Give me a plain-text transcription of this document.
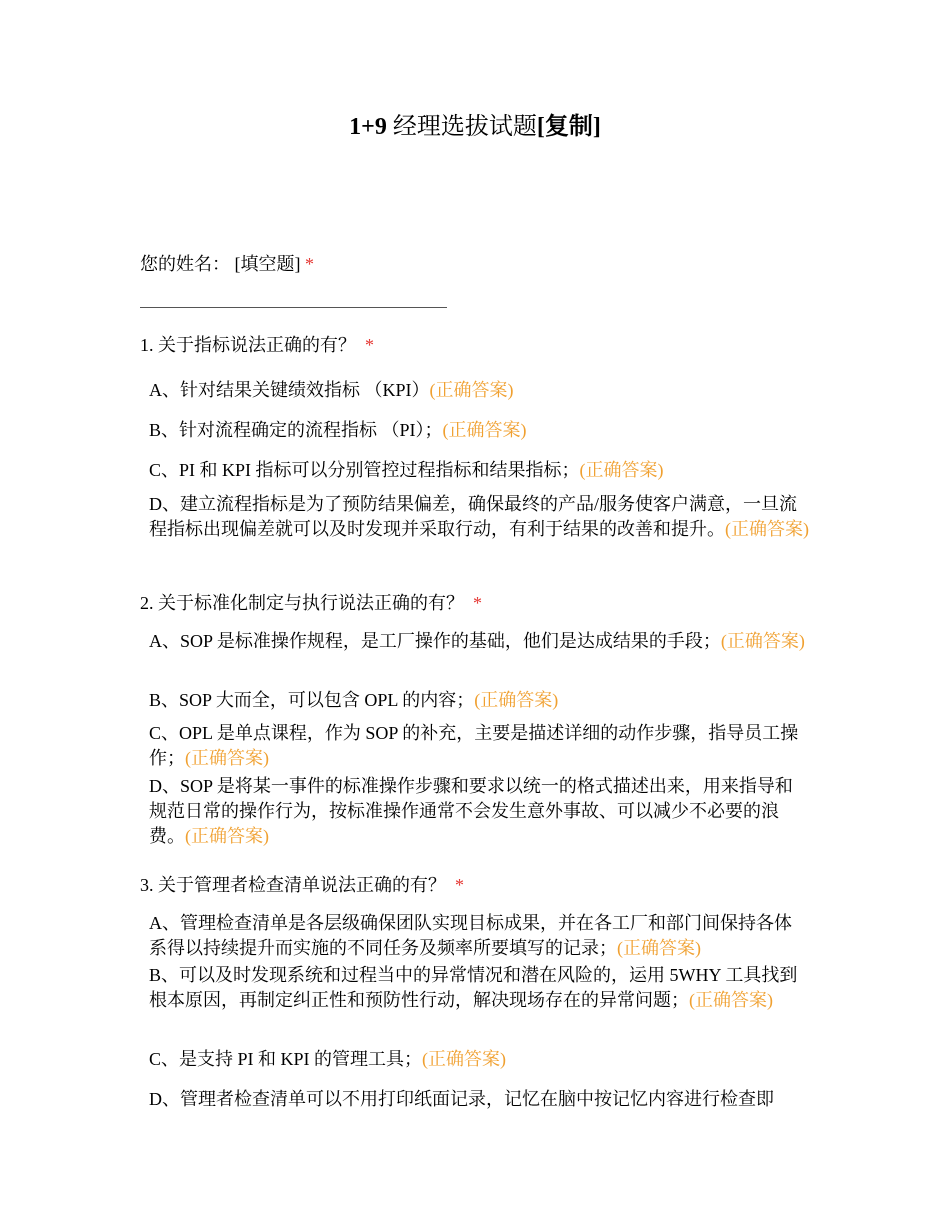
1+9 经理选拔试题[复制]
您的姓名： [填空题] *
1. 关于指标说法正确的有？ *
A、针对结果关键绩效指标 （KPI）(正确答案)
B、针对流程确定的流程指标 （PI）；(正确答案)
C、PI 和 KPI 指标可以分别管控过程指标和结果指标；(正确答案)
D、建立流程指标是为了预防结果偏差，确保最终的产品/服务使客户满意，一旦流程指标出现偏差就可以及时发现并采取行动，有利于结果的改善和提升。(正确答案)
2. 关于标准化制定与执行说法正确的有？ *
A、SOP 是标准操作规程，是工厂操作的基础，他们是达成结果的手段；(正确答案)
B、SOP 大而全，可以包含 OPL 的内容；(正确答案)
C、OPL 是单点课程，作为 SOP 的补充，主要是描述详细的动作步骤，指导员工操作；(正确答案)
D、SOP 是将某一事件的标准操作步骤和要求以统一的格式描述出来，用来指导和规范日常的操作行为，按标准操作通常不会发生意外事故、可以减少不必要的浪费。(正确答案)
3. 关于管理者检查清单说法正确的有？ *
A、管理检查清单是各层级确保团队实现目标成果，并在各工厂和部门间保持各体系得以持续提升而实施的不同任务及频率所要填写的记录；(正确答案)
B、可以及时发现系统和过程当中的异常情况和潜在风险的，运用 5WHY 工具找到根本原因，再制定纠正性和预防性行动，解决现场存在的异常问题；(正确答案)
C、是支持 PI 和 KPI 的管理工具；(正确答案)
D、管理者检查清单可以不用打印纸面记录，记忆在脑中按记忆内容进行检查即
